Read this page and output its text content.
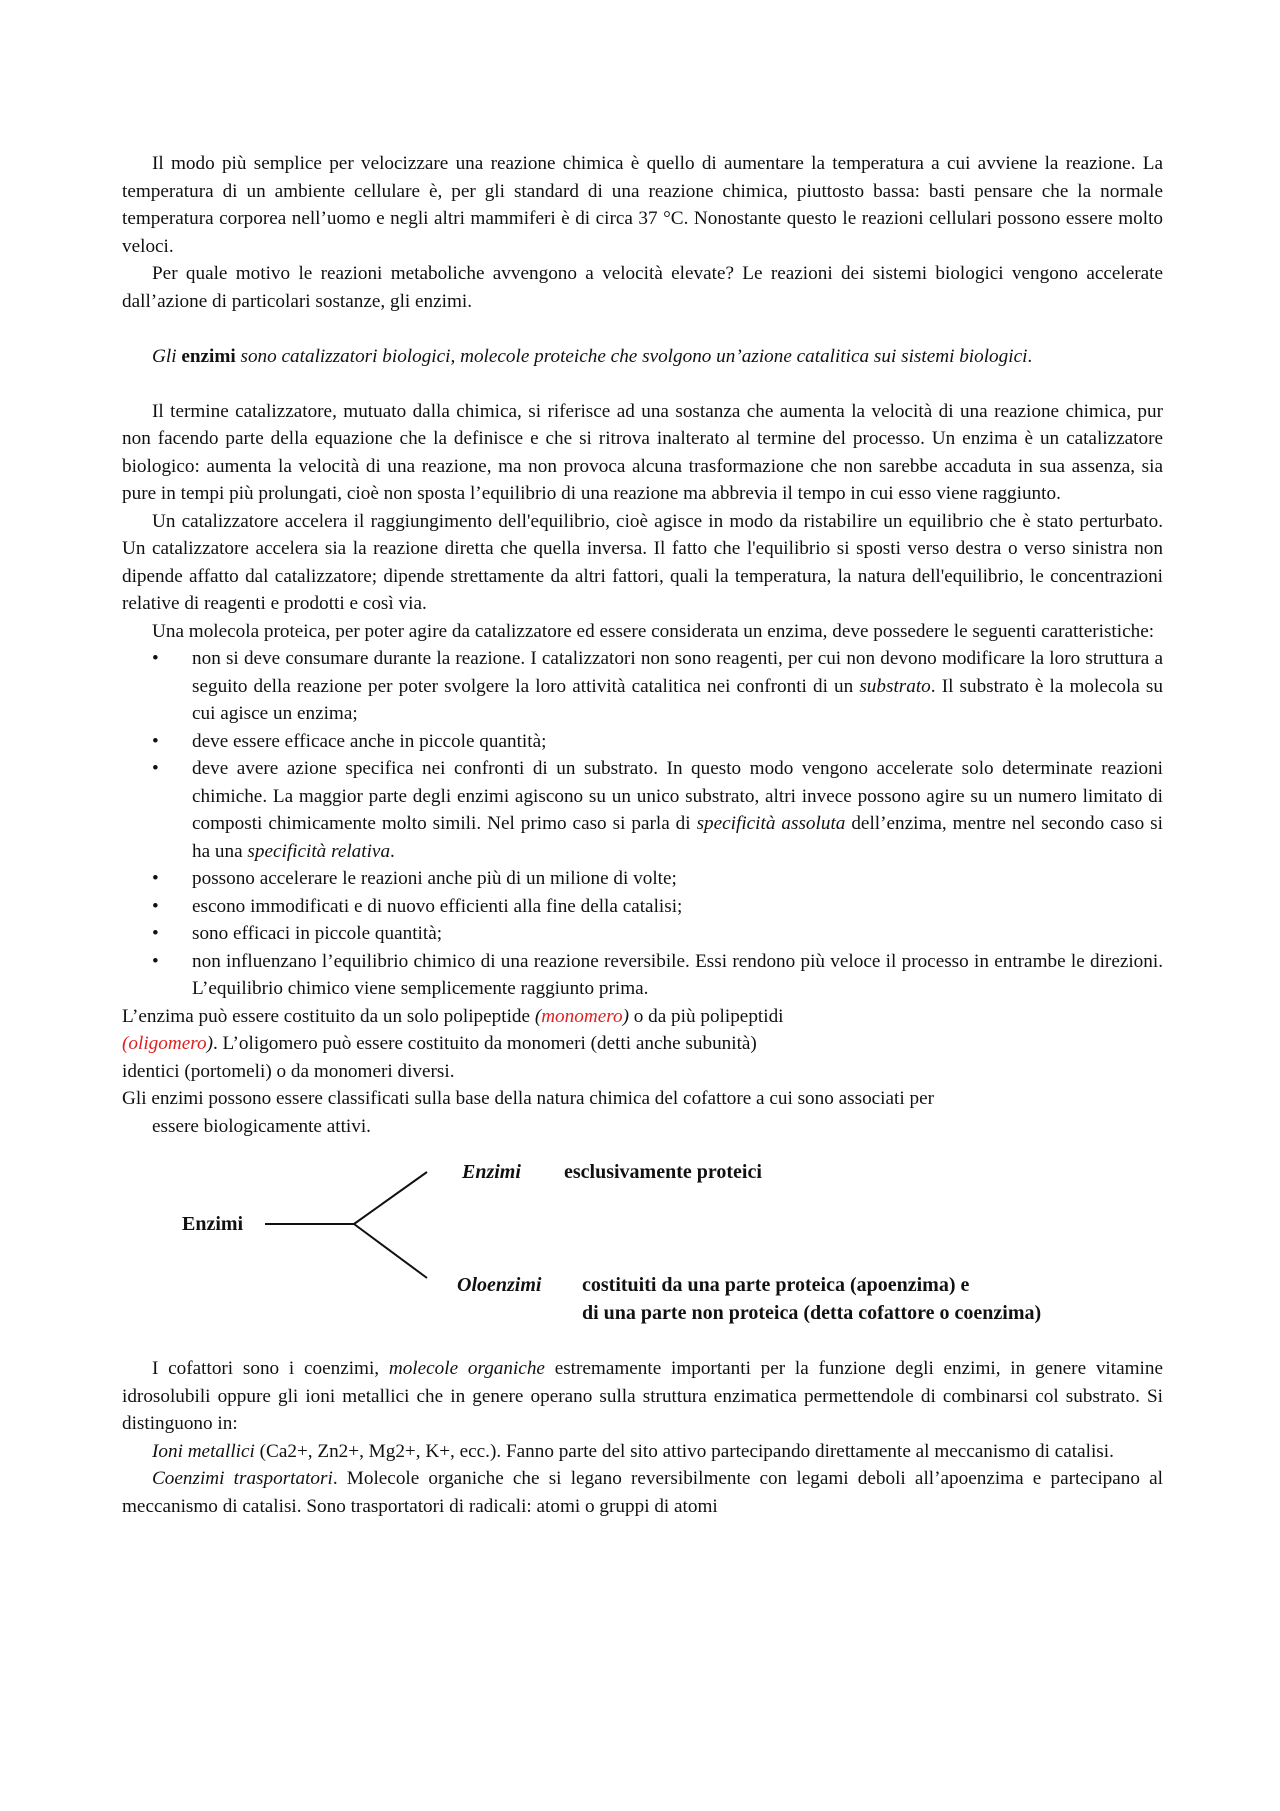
Il modo più semplice per velocizzare una reazione chimica è quello di aumentare la temperatura a cui avviene la reazione. La temperatura di un ambiente cellulare è, per gli standard di una reazione chimica, piuttosto bassa: basti pensare che la normale temperatura corporea nell’uomo e negli altri mammiferi è di circa 37 °C. Nonostante questo le reazioni cellulari possono essere molto veloci.

Per quale motivo le reazioni metaboliche avvengono a velocità elevate? Le reazioni dei sistemi biologici vengono accelerate dall’azione di particolari sostanze, gli enzimi.

Gli enzimi sono catalizzatori biologici, molecole proteiche che svolgono un’azione catalitica sui sistemi biologici.

Il termine catalizzatore, mutuato dalla chimica, si riferisce ad una sostanza che aumenta la velocità di una reazione chimica, pur non facendo parte della equazione che la definisce e che si ritrova inalterato al termine del processo. Un enzima è un catalizzatore biologico: aumenta la velocità di una reazione, ma non provoca alcuna trasformazione che non sarebbe accaduta in sua assenza, sia pure in tempi più prolungati, cioè non sposta l’equilibrio di una reazione ma abbrevia il tempo in cui esso viene raggiunto.

Un catalizzatore accelera il raggiungimento dell'equilibrio, cioè agisce in modo da ristabilire un equilibrio che è stato perturbato. Un catalizzatore accelera sia la reazione diretta che quella inversa. Il fatto che l'equilibrio si sposti verso destra o verso sinistra non dipende affatto dal catalizzatore; dipende strettamente da altri fattori, quali la temperatura, la natura dell'equilibrio, le concentrazioni relative di reagenti e prodotti e così via.

Una molecola proteica, per poter agire da catalizzatore ed essere considerata un enzima, deve possedere le seguenti caratteristiche:

• non si deve consumare durante la reazione. I catalizzatori non sono reagenti, per cui non devono modificare la loro struttura a seguito della reazione per poter svolgere la loro attività catalitica nei confronti di un substrato. Il substrato è la molecola su cui agisce un enzima;
• deve essere efficace anche in piccole quantità;
• deve avere azione specifica nei confronti di un substrato. In questo modo vengono accelerate solo determinate reazioni chimiche. La maggior parte degli enzimi agiscono su un unico substrato, altri invece possono agire su un numero limitato di composti chimicamente molto simili. Nel primo caso si parla di specificità assoluta dell’enzima, mentre nel secondo caso si ha una specificità relativa.
• possono accelerare le reazioni anche più di un milione di volte;
• escono immodificati e di nuovo efficienti alla fine della catalisi;
• sono efficaci in piccole quantità;
• non influenzano l’equilibrio chimico di una reazione reversibile. Essi rendono più veloce il processo in entrambe le direzioni. L’equilibrio chimico viene semplicemente raggiunto prima.

L’enzima può essere costituito da un solo polipeptide (monomero) o da più polipeptidi

(oligomero). L’oligomero può essere costituito da monomeri (detti anche subunità)

identici (portomeli) o da monomeri diversi.

Gli enzimi possono essere classificati sulla base della natura chimica del cofattore a cui sono associati per essere biologicamente attivi.

Enzimi
Enzimi esclusivamente proteici
Oloenzimi costituiti da una parte proteica (apoenzima) e
di una parte non proteica (detta cofattore o coenzima)

I cofattori sono i coenzimi, molecole organiche estremamente importanti per la funzione degli enzimi, in genere vitamine idrosolubili oppure gli ioni metallici che in genere operano sulla struttura enzimatica permettendole di combinarsi col substrato. Si distinguono in:

Ioni metallici (Ca2+, Zn2+, Mg2+, K+, ecc.). Fanno parte del sito attivo partecipando direttamente al meccanismo di catalisi.

Coenzimi trasportatori. Molecole organiche che si legano reversibilmente con legami deboli all’apoenzima e partecipano al meccanismo di catalisi. Sono trasportatori di radicali: atomi o gruppi di atomi
